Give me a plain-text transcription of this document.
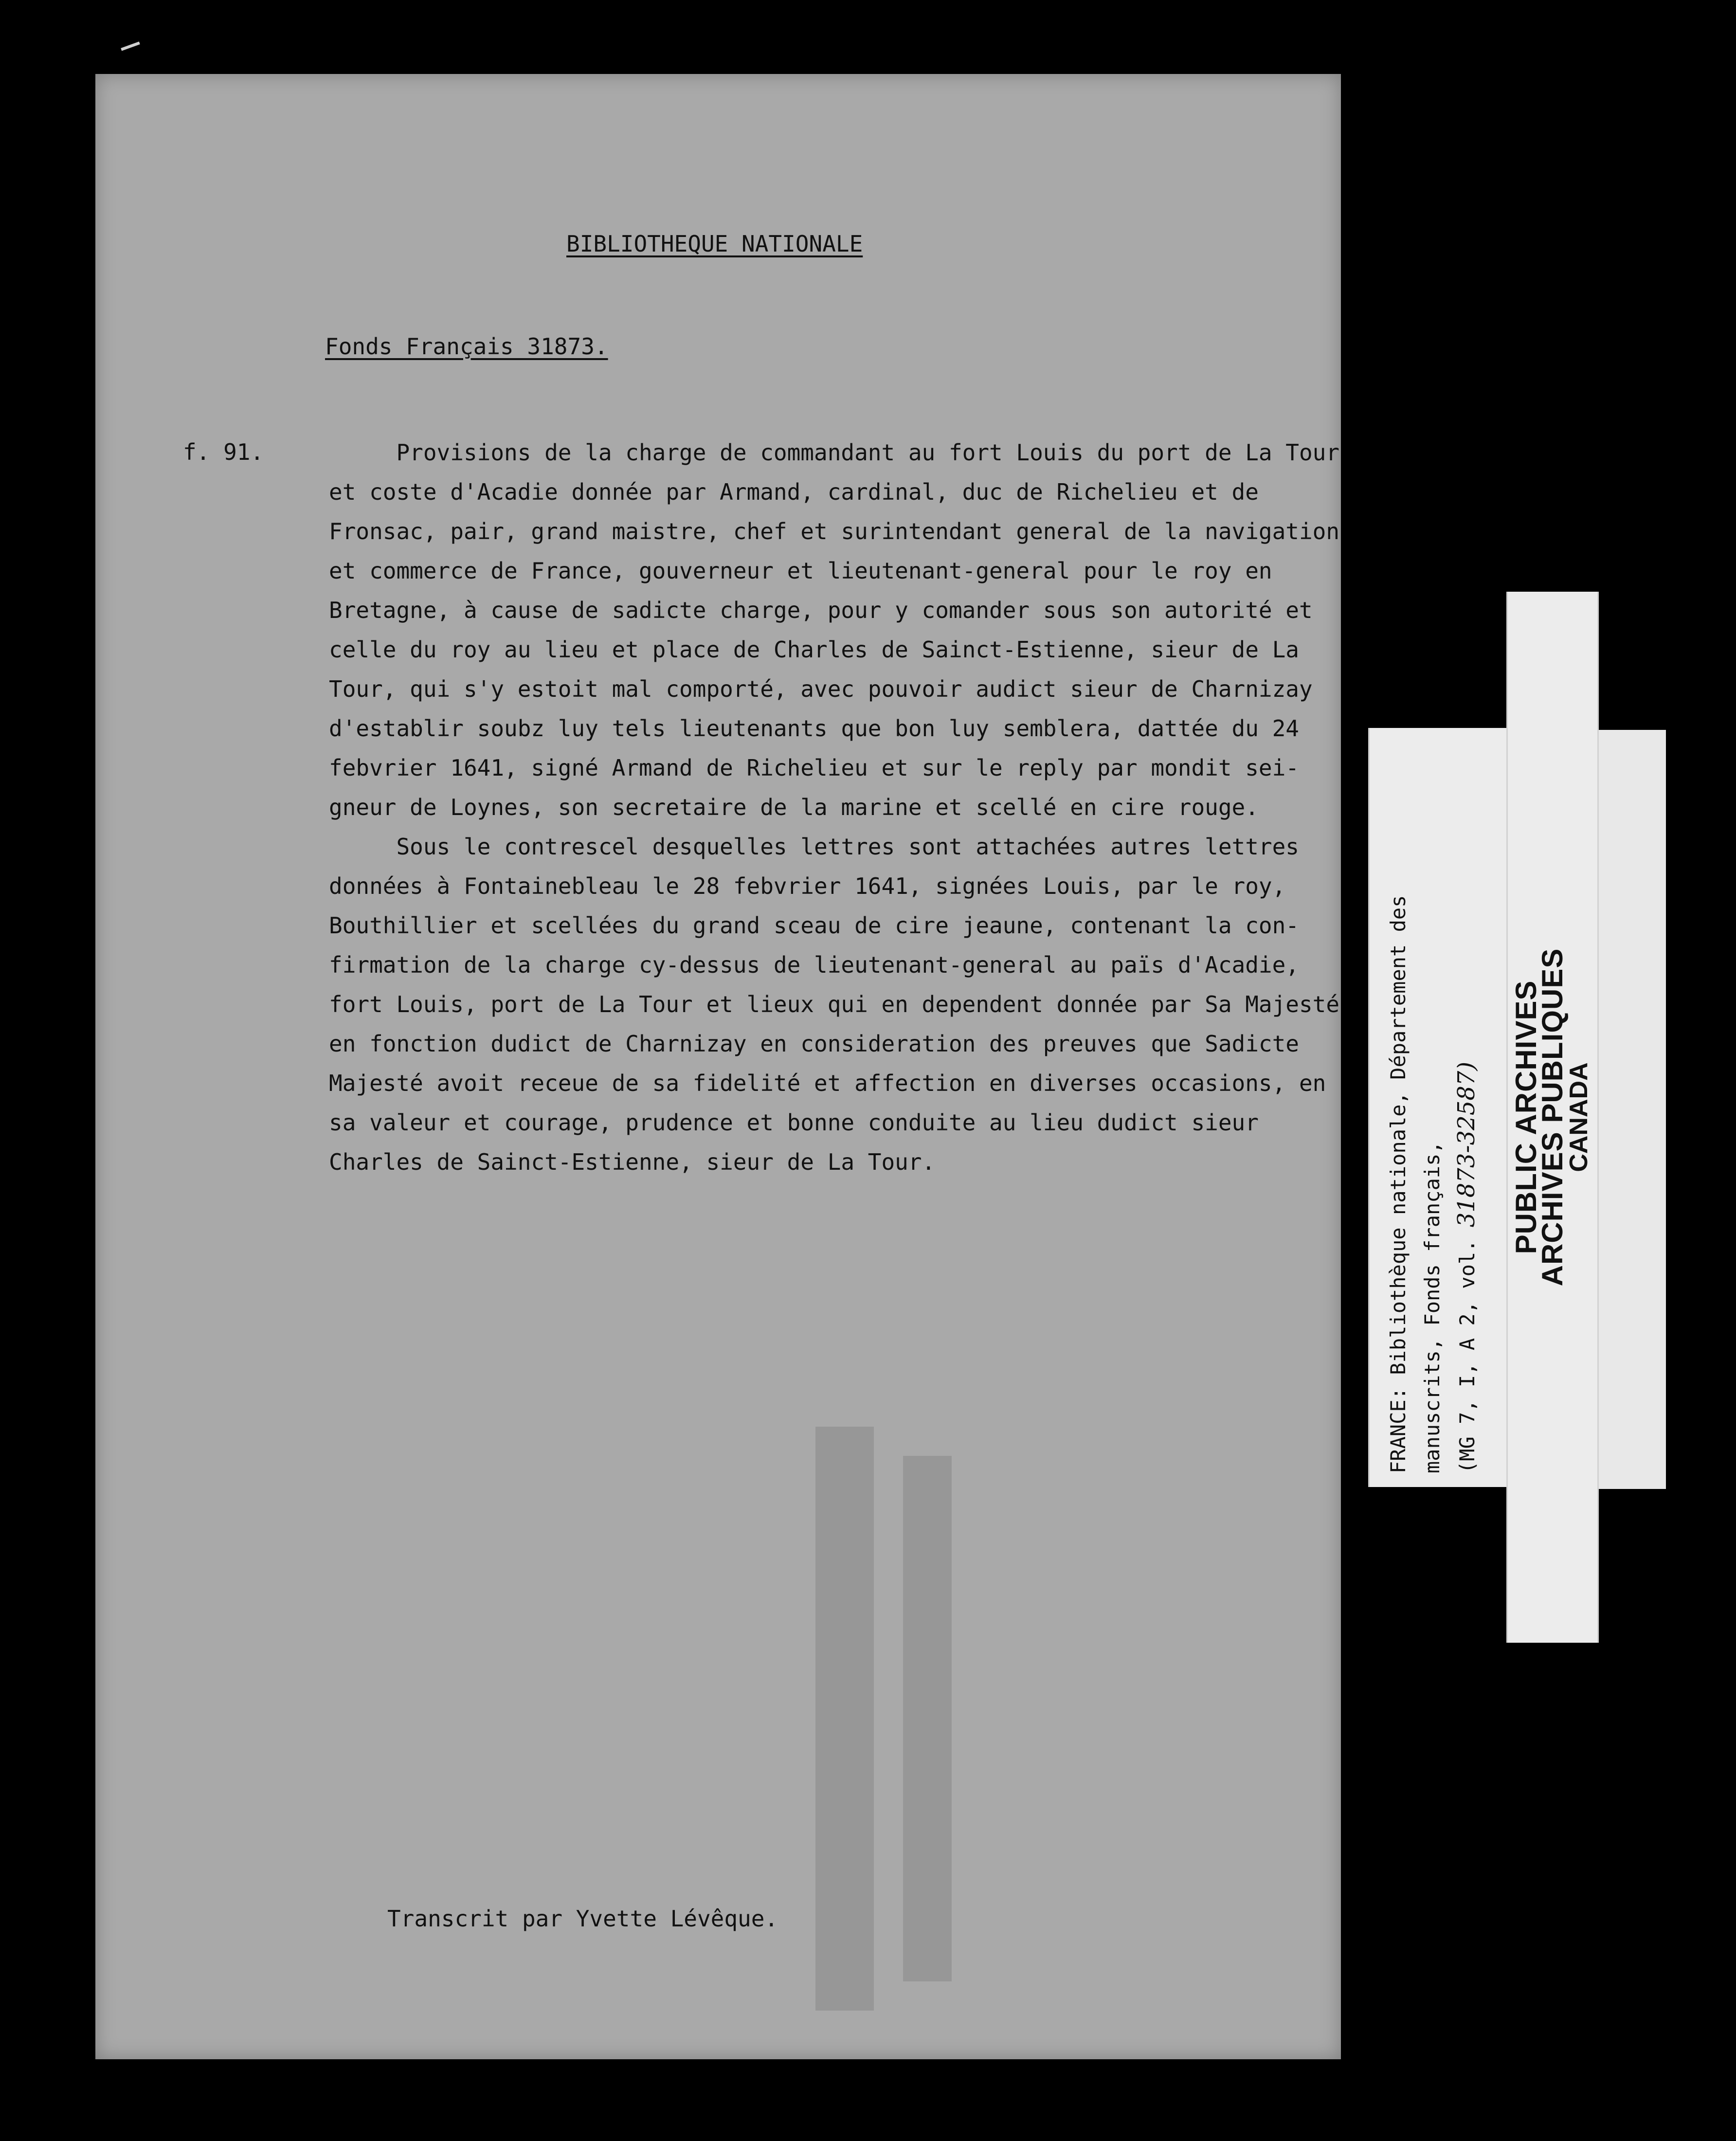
BIBLIOTHEQUE NATIONALE
Fonds Français 31873.
f. 91.	Provisions de la charge de commandant au fort Louis du port de La Tour
et coste d'Acadie donnée par Armand, cardinal, duc de Richelieu et de
Fronsac, pair, grand maistre, chef et surintendant general de la navigation
et commerce de France, gouverneur et lieutenant-general pour le roy en
Bretagne, à cause de sadicte charge, pour y comander sous son autorité et
celle du roy au lieu et place de Charles de Sainct-Estienne, sieur de La
Tour, qui s'y estoit mal comporté, avec pouvoir audict sieur de Charnizay
d'establir soubz luy tels lieutenants que bon luy semblera, dattée du 24
febvrier 1641, signé Armand de Richelieu et sur le reply par mondit sei-
gneur de Loynes, son secretaire de la marine et scellé en cire rouge.
Sous le contrescel desquelles lettres sont attachées autres lettres
données à Fontainebleau le 28 febvrier 1641, signées Louis, par le roy,
Bouthillier et scellées du grand sceau de cire jeaune, contenant la con-
firmation de la charge cy-dessus de lieutenant-general au païs d'Acadie,
fort Louis, port de La Tour et lieux qui en dependent donnée par Sa Majesté
en fonction dudict de Charnizay en consideration des preuves que Sadicte
Majesté avoit receue de sa fidelité et affection en diverses occasions, en
sa valeur et courage, prudence et bonne conduite au lieu dudict sieur
Charles de Sainct-Estienne, sieur de La Tour.
Transcrit par Yvette Lévêque.
FRANCE: Bibliothèque nationale, Département des manuscrits, Fonds français, (MG 7, I, A 2, vol. 31873-32587) PUBLIC ARCHIVES
ARCHIVES PUBLIQUES
CANADA
